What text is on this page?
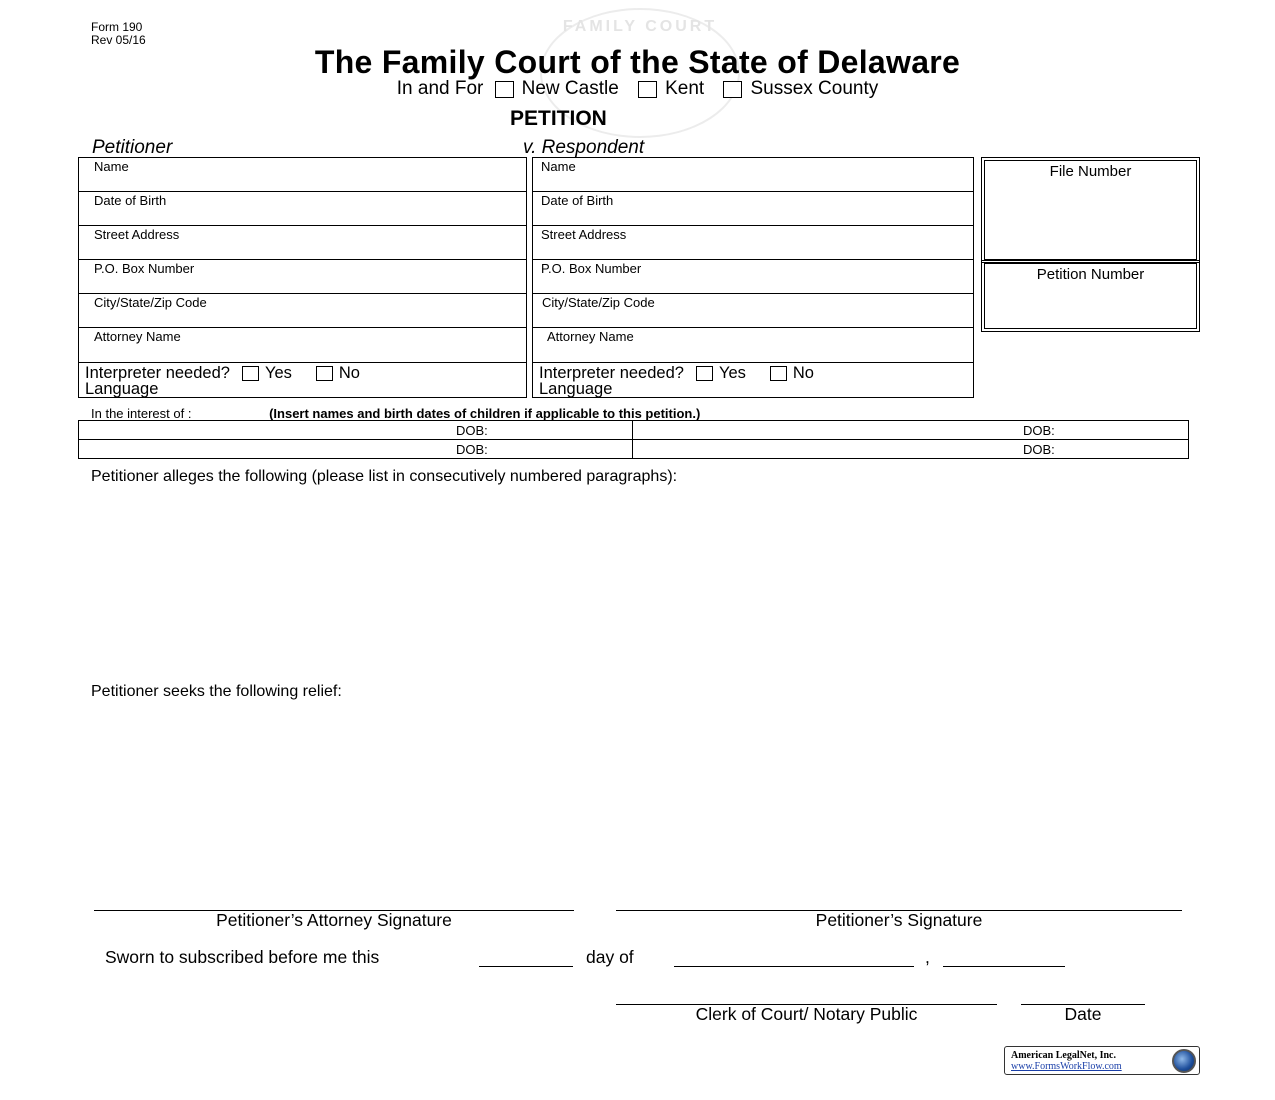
Form 190
Rev 05/16
FAMILY COURT
The Family Court of the State of Delaware
In and For New Castle Kent Sussex County
PETITION
Petitioner	v. Respondent
Name
Date of Birth
Street Address
P.O. Box Number
City/State/Zip Code
Attorney Name
Interpreter needed? Yes	No
Language
Name
Date of Birth
Street Address
P.O. Box Number
City/State/Zip Code
Attorney Name
Interpreter needed? Yes	No
Language
File Number
Petition Number
In the interest of :	(Insert names and birth dates of children if applicable to this petition.)
DOB:	DOB:
DOB:	DOB:
Petitioner alleges the following (please list in consecutively numbered paragraphs):
Petitioner seeks the following relief:
Petitioner’s Attorney Signature	Petitioner’s Signature
Sworn to subscribed before me this	day of	,
Clerk of Court/ Notary Public	Date
American LegalNet, Inc.
www.FormsWorkFlow.com
